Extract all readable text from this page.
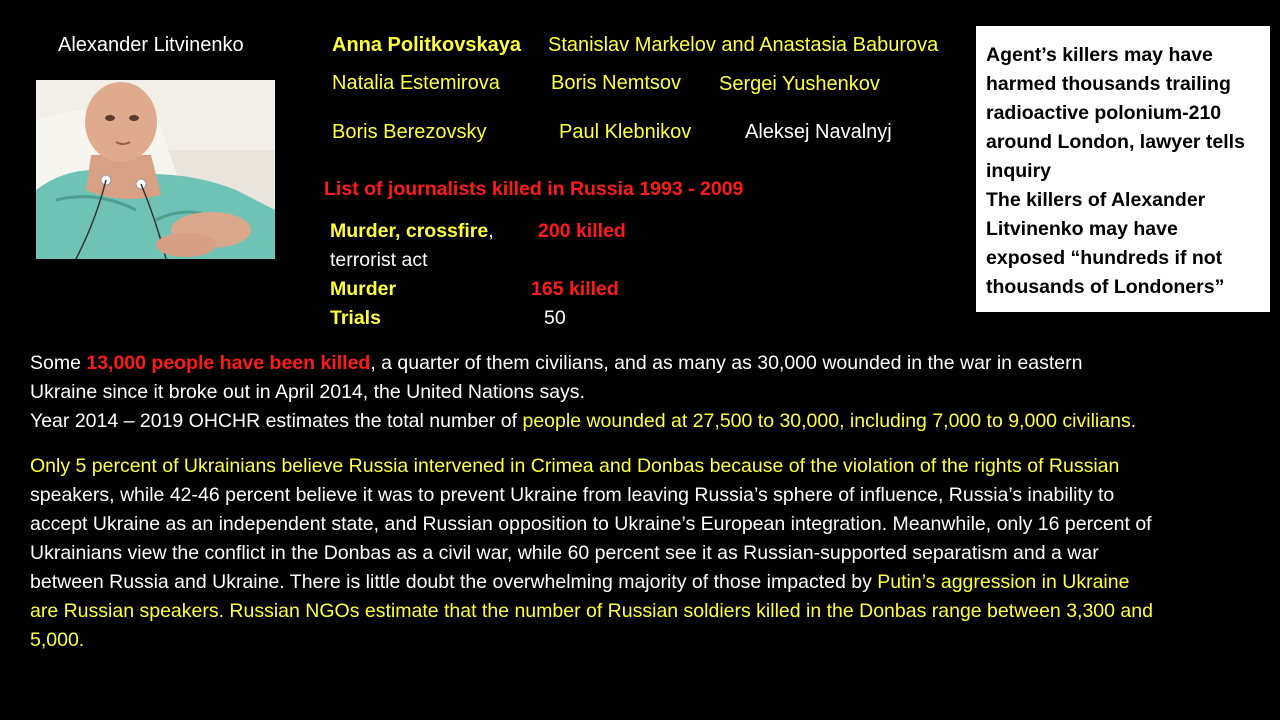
Alexander Litvinenko	Anna Politkovskaya Stanislav Markelov and Anastasia Baburova
Natalia Estemirova	Boris Nemtsov Sergei Yushenkov
Boris Berezovsky	Paul Klebnikov	Aleksej Navalnyj
List of journalists killed in Russia 1993 - 2009
Murder, crossfire, 200 killed
terrorist act
Murder	165 killed
Trials	50

Agent’s killers may have

harmed thousands trailing

radioactive polonium-210

around London, lawyer tells

inquiry

The killers of Alexander

Litvinenko may have

exposed “hundreds if not

thousands of Londoners”

Some 13,000 people have been killed, a quarter of them civilians, and as many as 30,000 wounded in the war in eastern

Ukraine since it broke out in April 2014, the United Nations says.

Year 2014 – 2019 OHCHR estimates the total number of people wounded at 27,500 to 30,000, including 7,000 to 9,000 civilians.

Only 5 percent of Ukrainians believe Russia intervened in Crimea and Donbas because of the violation of the rights of Russian

speakers, while 42-46 percent believe it was to prevent Ukraine from leaving Russia’s sphere of influence, Russia’s inability to

accept Ukraine as an independent state, and Russian opposition to Ukraine’s European integration. Meanwhile, only 16 percent of

Ukrainians view the conflict in the Donbas as a civil war, while 60 percent see it as Russian-supported separatism and a war

between Russia and Ukraine. There is little doubt the overwhelming majority of those impacted by Putin’s aggression in Ukraine

are Russian speakers. Russian NGOs estimate that the number of Russian soldiers killed in the Donbas range between 3,300 and

5,000.
